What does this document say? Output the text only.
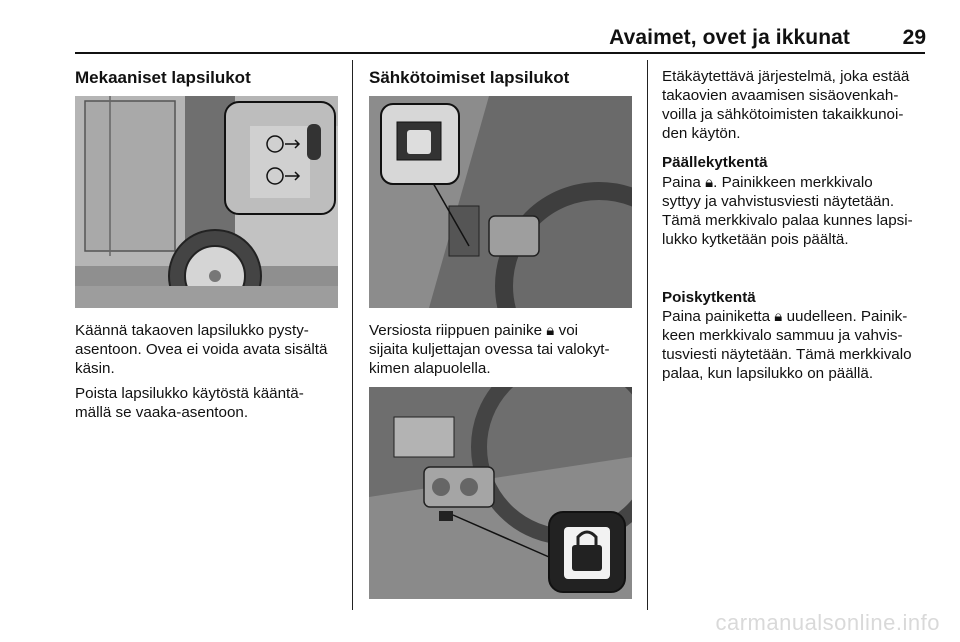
Avaimet, ovet ja ikkunat	29
Mekaaniset lapsilukot
Käännä takaoven lapsilukko pysty-
asentoon. Ovea ei voida avata sisältä
käsin.
Poista lapsilukko käytöstä kääntä-
mällä se vaaka-asentoon.
Sähkötoimiset lapsilukot
Versiosta riippuen painike 🔒︎ voi
sijaita kuljettajan ovessa tai valokyt-
kimen alapuolella.
Etäkäytettävä järjestelmä, joka estää
takaovien avaamisen sisäovenkah-
voilla ja sähkötoimisten takaikkunoi-
den käytön.
Päällekytkentä
Paina 🔒︎. Painikkeen merkkivalo
syttyy ja vahvistusviesti näytetään.
Tämä merkkivalo palaa kunnes lapsi-
lukko kytketään pois päältä.
Poiskytkentä
Paina painiketta 🔒︎ uudelleen. Painik-
keen merkkivalo sammuu ja vahvis-
tusviesti näytetään. Tämä merkkivalo
palaa, kun lapsilukko on päällä.
carmanualsonline.info
